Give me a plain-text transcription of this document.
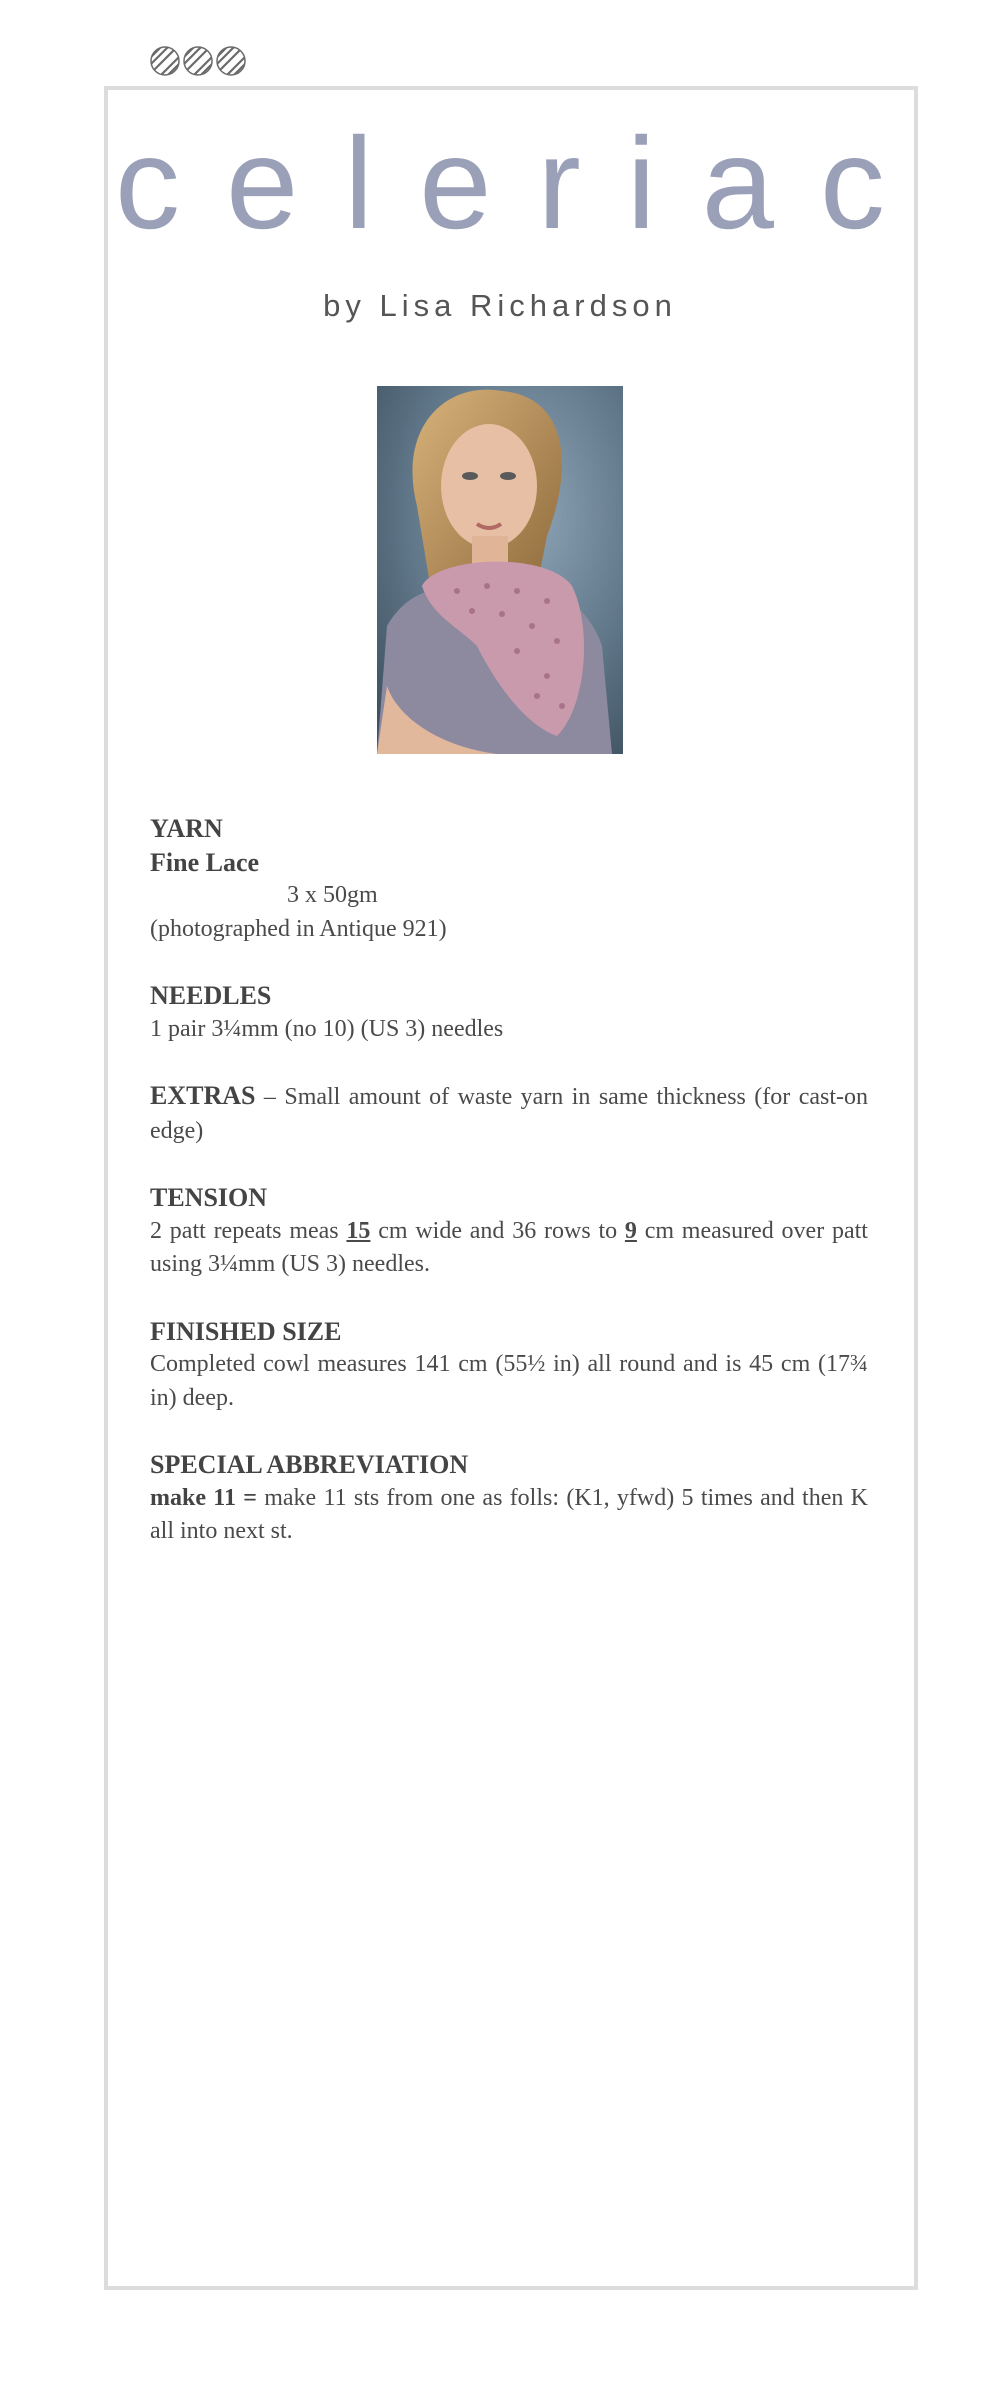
celeriac
by Lisa Richardson

YARN

Fine Lace

3 x 50gm

(photographed in Antique 921)

NEEDLES

1 pair 3¼mm (no 10) (US 3) needles

EXTRAS – Small amount of waste yarn in same thickness (for cast-on edge)

TENSION

2 patt repeats meas 15 cm wide and 36 rows to 9 cm measured over patt using 3¼mm (US 3) needles.

FINISHED SIZE

Completed cowl measures 141 cm (55½ in) all round and is 45 cm (17¾ in) deep.

SPECIAL ABBREVIATION

make 11 = make 11 sts from one as folls: (K1, yfwd) 5 times and then K all into next st.
